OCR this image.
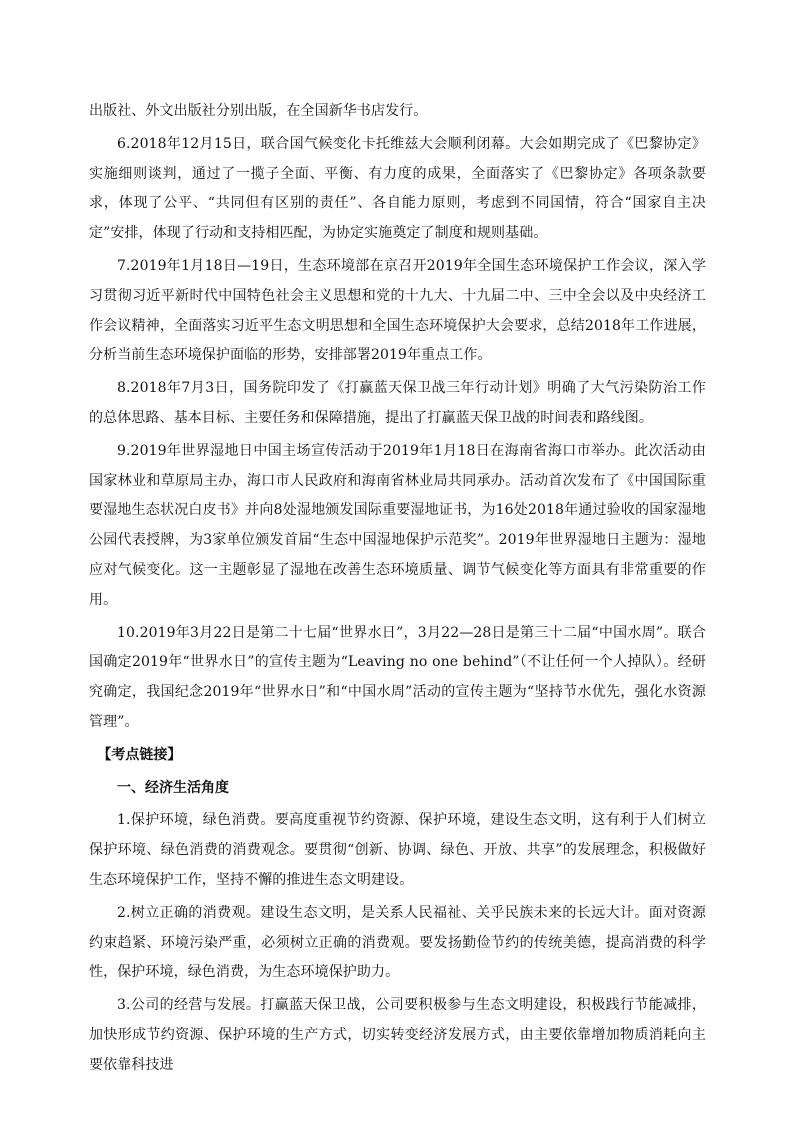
出版社、外文出版社分别出版，在全国新华书店发行。

6.2018年12月15日，联合国气候变化卡托维兹大会顺利闭幕。大会如期完成了《巴黎协定》实施细则谈判，通过了一揽子全面、平衡、有力度的成果，全面落实了《巴黎协定》各项条款要求，体现了公平、“共同但有区别的责任”、各自能力原则，考虑到不同国情，符合“国家自主决定”安排，体现了行动和支持相匹配，为协定实施奠定了制度和规则基础。

7.2019年1月18日—19日，生态环境部在京召开2019年全国生态环境保护工作会议，深入学习贯彻习近平新时代中国特色社会主义思想和党的十九大、十九届二中、三中全会以及中央经济工作会议精神，全面落实习近平生态文明思想和全国生态环境保护大会要求，总结2018年工作进展，分析当前生态环境保护面临的形势，安排部署2019年重点工作。

8.2018年7月3日，国务院印发了《打赢蓝天保卫战三年行动计划》明确了大气污染防治工作的总体思路、基本目标、主要任务和保障措施，提出了打赢蓝天保卫战的时间表和路线图。

9.2019年世界湿地日中国主场宣传活动于2019年1月18日在海南省海口市举办。此次活动由国家林业和草原局主办，海口市人民政府和海南省林业局共同承办。活动首次发布了《中国国际重要湿地生态状况白皮书》并向8处湿地颁发国际重要湿地证书，为16处2018年通过验收的国家湿地公园代表授牌，为3家单位颁发首届“生态中国湿地保护示范奖”。2019年世界湿地日主题为：湿地应对气候变化。这一主题彰显了湿地在改善生态环境质量、调节气候变化等方面具有非常重要的作用。

10.2019年3月22日是第二十七届“世界水日”，3月22—28日是第三十二届“中国水周”。联合国确定2019年“世界水日”的宣传主题为“Leaving no one behind”（不让任何一个人掉队）。经研究确定，我国纪念2019年“世界水日”和“中国水周”活动的宣传主题为“坚持节水优先，强化水资源管理”。

【考点链接】

一、经济生活角度

1.保护环境，绿色消费。要高度重视节约资源、保护环境，建设生态文明，这有利于人们树立保护环境、绿色消费的消费观念。要贯彻“创新、协调、绿色、开放、共享”的发展理念，积极做好生态环境保护工作，坚持不懈的推进生态文明建设。

2.树立正确的消费观。建设生态文明，是关系人民福祉、关乎民族未来的长远大计。面对资源约束趋紧、环境污染严重，必须树立正确的消费观。要发扬勤俭节约的传统美德，提高消费的科学性，保护环境，绿色消费，为生态环境保护助力。

3.公司的经营与发展。打赢蓝天保卫战，公司要积极参与生态文明建设，积极践行节能减排，加快形成节约资源、保护环境的生产方式，切实转变经济发展方式，由主要依靠增加物质消耗向主要依靠科技进
